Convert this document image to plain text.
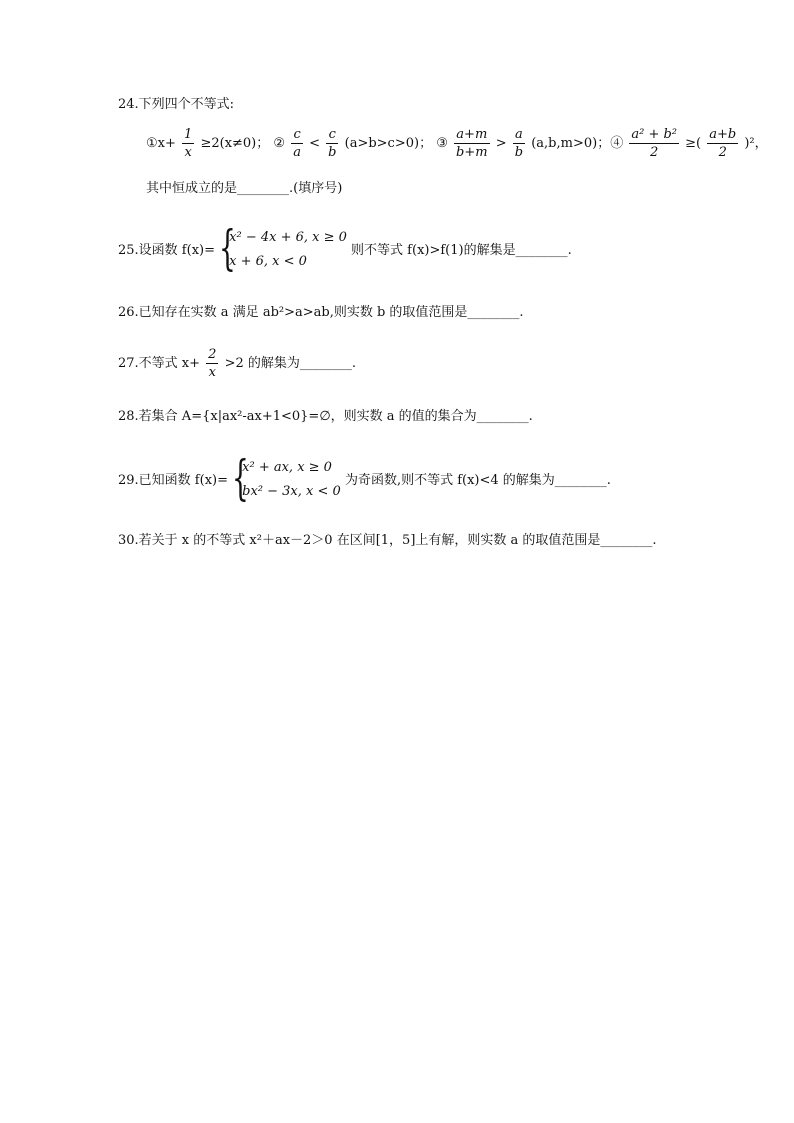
24.下列四个不等式:
①x+ $\frac{1}{x} \ge 2(x\ne 0)$； ② $\frac{c}{a} < \frac{c}{b} (a>b>c>0)$； ③ $\frac{a+m}{b+m} > \frac{a}{b} (a,b,m>0)$；④ $\frac{\text{a² + b²}}{2}$ ≥( $\frac{a+b}{2} )^2$，
其中恒成立的是________.(填序号)
25.设函数 f(x)= {
x² − 4x + 6, x ≥ 0
x + 6, x < 0
则不等式 f(x)>f(1)的解集是________.
26.已知存在实数 a 满足 ab²>a>ab,则实数 b 的取值范围是________.
27.不等式 $x+ \frac{2}{x} >2$ 的解集为________.
28.若集合 A={x|ax²-ax+1<0}=∅，则实数 a 的值的集合为________.
29.已知函数 f(x)= {
x² + ax, x ≥ 0
bx² − 3x, x < 0
为奇函数,则不等式 f(x)<4 的解集为________.
30.若关于 x 的不等式 x²＋ax－2＞0 在区间[1，5]上有解，则实数 a 的取值范围是________.
